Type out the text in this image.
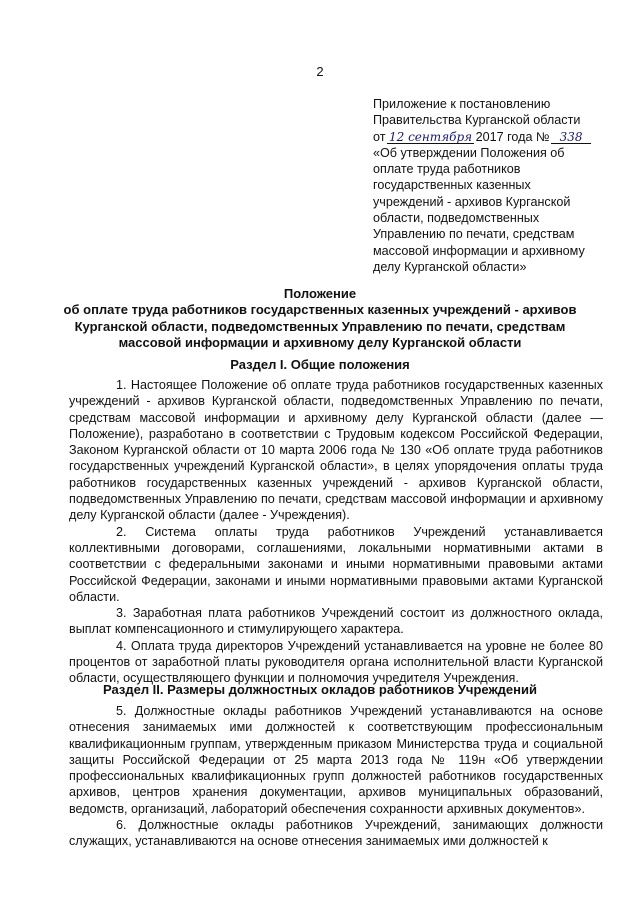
2
Приложение к постановлению
Правительства Курганской области
от 12 сентября 2017 года № 338
«Об утверждении Положения об
оплате труда работников
государственных казенных
учреждений - архивов Курганской
области, подведомственных
Управлению по печати, средствам
массовой информации и архивному
делу Курганской области»
Положение
об оплате труда работников государственных казенных учреждений - архивов
Курганской области, подведомственных Управлению по печати, средствам
массовой информации и архивному делу Курганской области
Раздел I. Общие положения

1. Настоящее Положение об оплате труда работников государственных казенных учреждений - архивов Курганской области, подведомственных Управлению по печати, средствам массовой информации и архивному делу Курганской области (далее — Положение), разработано в соответствии с Трудовым кодексом Российской Федерации, Законом Курганской области от 10 марта 2006 года № 130 «Об оплате труда работников государственных учреждений Курганской области», в целях упорядочения оплаты труда работников государственных казенных учреждений - архивов Курганской области, подведомственных Управлению по печати, средствам массовой информации и архивному делу Курганской области (далее - Учреждения).

2. Система оплаты труда работников Учреждений устанавливается коллективными договорами, соглашениями, локальными нормативными актами в соответствии с федеральными законами и иными нормативными правовыми актами Российской Федерации, законами и иными нормативными правовыми актами Курганской области.

3. Заработная плата работников Учреждений состоит из должностного оклада, выплат компенсационного и стимулирующего характера.

4. Оплата труда директоров Учреждений устанавливается на уровне не более 80 процентов от заработной платы руководителя органа исполнительной власти Курганской области, осуществляющего функции и полномочия учредителя Учреждения.

Раздел II. Размеры должностных окладов работников Учреждений

5. Должностные оклады работников Учреждений устанавливаются на основе отнесения занимаемых ими должностей к соответствующим профессиональным квалификационным группам, утвержденным приказом Министерства труда и социальной защиты Российской Федерации от 25 марта 2013 года № 119н «Об утверждении профессиональных квалификационных групп должностей работников государственных архивов, центров хранения документации, архивов муниципальных образований, ведомств, организаций, лабораторий обеспечения сохранности архивных документов».

6. Должностные оклады работников Учреждений, занимающих должности служащих, устанавливаются на основе отнесения занимаемых ими должностей к
